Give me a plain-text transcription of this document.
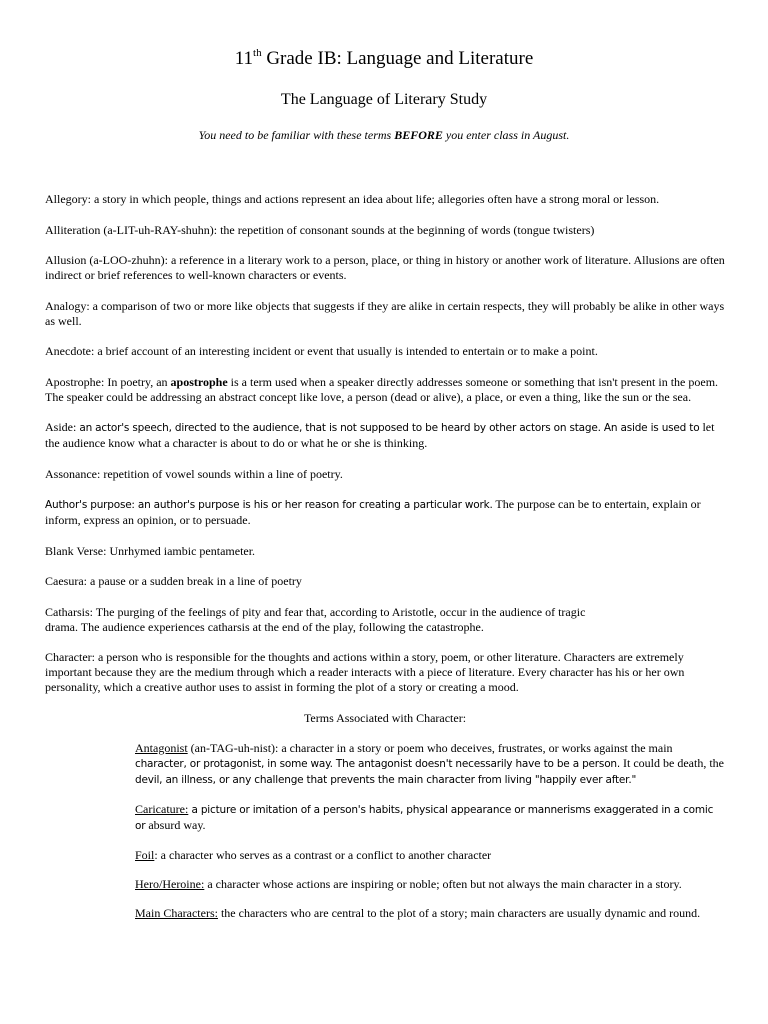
11th Grade IB: Language and Literature
The Language of Literary Study
You need to be familiar with these terms BEFORE you enter class in August.

Allegory: a story in which people, things and actions represent an idea about life; allegories often have a strong moral or lesson.

Alliteration (a-LIT-uh-RAY-shuhn): the repetition of consonant sounds at the beginning of words (tongue twisters)

Allusion (a-LOO-zhuhn): a reference in a literary work to a person, place, or thing in history or another work of literature. Allusions are often indirect or brief references to well-known characters or events.

Analogy: a comparison of two or more like objects that suggests if they are alike in certain respects, they will probably be alike in other ways as well.

Anecdote: a brief account of an interesting incident or event that usually is intended to entertain or to make a point.

Apostrophe: In poetry, an apostrophe is a term used when a speaker directly addresses someone or something that isn't present in the poem. The speaker could be addressing an abstract concept like love, a person (dead or alive), a place, or even a thing, like the sun or the sea.

Aside: an actor's speech, directed to the audience, that is not supposed to be heard by other actors on stage. An aside is used to let the audience know what a character is about to do or what he or she is thinking.

Assonance: repetition of vowel sounds within a line of poetry.

Author's purpose: an author's purpose is his or her reason for creating a particular work. The purpose can be to entertain, explain or inform, express an opinion, or to persuade.

Blank Verse: Unrhymed iambic pentameter.

Caesura: a pause or a sudden break in a line of poetry

Catharsis: The purging of the feelings of pity and fear that, according to Aristotle, occur in the audience of tragic
drama. The audience experiences catharsis at the end of the play, following the catastrophe.

Character: a person who is responsible for the thoughts and actions within a story, poem, or other literature. Characters are extremely important because they are the medium through which a reader interacts with a piece of literature. Every character has his or her own personality, which a creative author uses to assist in forming the plot of a story or creating a mood.

Terms Associated with Character:

Antagonist (an-TAG-uh-nist): a character in a story or poem who deceives, frustrates, or works against the main character, or protagonist, in some way. The antagonist doesn't necessarily have to be a person. It could be death, the devil, an illness, or any challenge that prevents the main character from living "happily ever after."

Caricature: a picture or imitation of a person's habits, physical appearance or mannerisms exaggerated in a comic or absurd way.

Foil: a character who serves as a contrast or a conflict to another character

Hero/Heroine: a character whose actions are inspiring or noble; often but not always the main character in a story.

Main Characters: the characters who are central to the plot of a story; main characters are usually dynamic and round.
